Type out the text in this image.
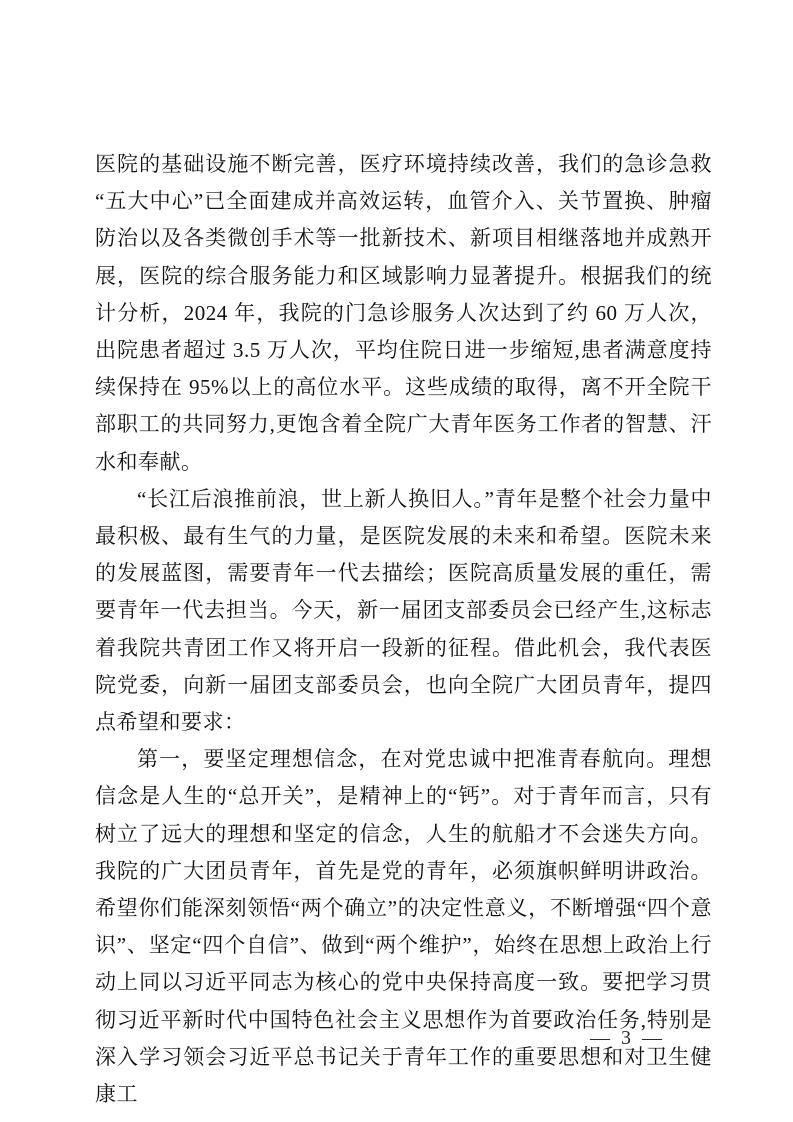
医院的基础设施不断完善，医疗环境持续改善，我们的急诊急救“五大中心”已全面建成并高效运转，血管介入、关节置换、肿瘤防治以及各类微创手术等一批新技术、新项目相继落地并成熟开展，医院的综合服务能力和区域影响力显著提升。根据我们的统计分析，2024 年，我院的门急诊服务人次达到了约 60 万人次，出院患者超过 3.5 万人次，平均住院日进一步缩短,患者满意度持续保持在 95%以上的高位水平。这些成绩的取得，离不开全院干部职工的共同努力,更饱含着全院广大青年医务工作者的智慧、汗水和奉献。

“长江后浪推前浪，世上新人换旧人。”青年是整个社会力量中最积极、最有生气的力量，是医院发展的未来和希望。医院未来的发展蓝图，需要青年一代去描绘；医院高质量发展的重任，需要青年一代去担当。今天，新一届团支部委员会已经产生,这标志着我院共青团工作又将开启一段新的征程。借此机会，我代表医院党委，向新一届团支部委员会，也向全院广大团员青年，提四点希望和要求：

第一，要坚定理想信念，在对党忠诚中把准青春航向。理想信念是人生的“总开关”，是精神上的“钙”。对于青年而言，只有树立了远大的理想和坚定的信念，人生的航船才不会迷失方向。我院的广大团员青年，首先是党的青年，必须旗帜鲜明讲政治。希望你们能深刻领悟“两个确立”的决定性意义，不断增强“四个意识”、坚定“四个自信”、做到“两个维护”，始终在思想上政治上行动上同以习近平同志为核心的党中央保持高度一致。要把学习贯彻习近平新时代中国特色社会主义思想作为首要政治任务,特别是深入学习领会习近平总书记关于青年工作的重要思想和对卫生健康工

— 3 —
